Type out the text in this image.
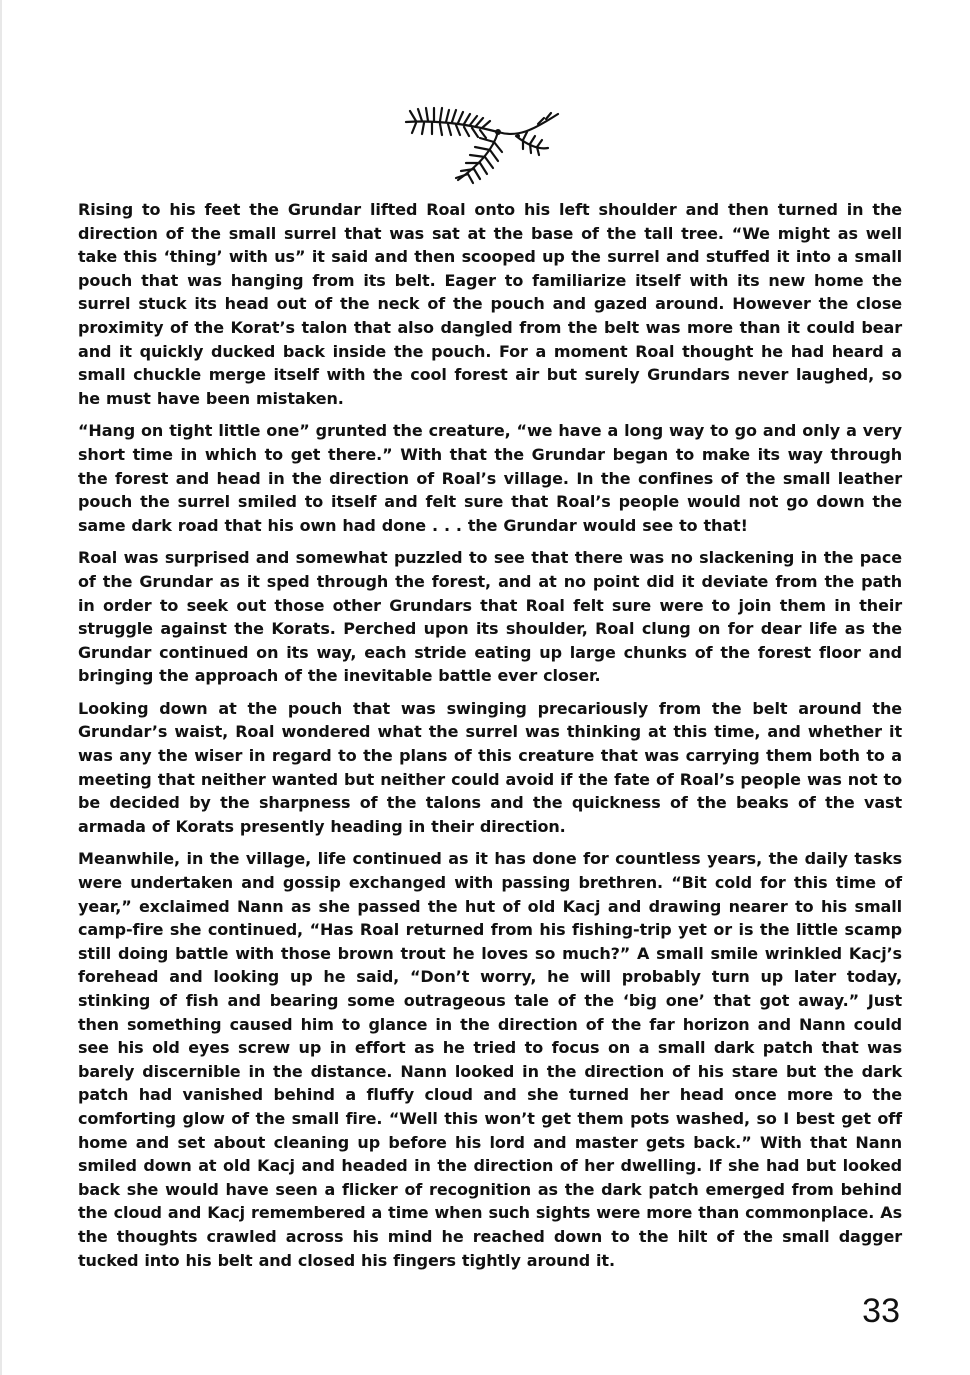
Rising to his feet the Grundar lifted Roal onto his left shoulder and then turned in the direction of the small surrel that was sat at the base of the tall tree. “We might as well take this ‘thing’ with us” it said and then scooped up the surrel and stuffed it into a small pouch that was hanging from its belt. Eager to familiarize itself with its new home the surrel stuck its head out of the neck of the pouch and gazed around. However the close proximity of the Korat’s talon that also dangled from the belt was more than it could bear and it quickly ducked back inside the pouch. For a moment Roal thought he had heard a small chuckle merge itself with the cool forest air but surely Grundars never laughed, so he must have been mistaken.

“Hang on tight little one” grunted the creature, “we have a long way to go and only a very short time in which to get there.” With that the Grundar began to make its way through the forest and head in the direction of Roal’s village. In the confines of the small leather pouch the surrel smiled to itself and felt sure that Roal’s people would not go down the same dark road that his own had done . . . the Grundar would see to that!

Roal was surprised and somewhat puzzled to see that there was no slackening in the pace of the Grundar as it sped through the forest, and at no point did it deviate from the path in order to seek out those other Grundars that Roal felt sure were to join them in their struggle against the Korats. Perched upon its shoulder, Roal clung on for dear life as the Grundar continued on its way, each stride eating up large chunks of the forest floor and bringing the approach of the inevitable battle ever closer.

Looking down at the pouch that was swinging precariously from the belt around the Grundar’s waist, Roal wondered what the surrel was thinking at this time, and whether it was any the wiser in regard to the plans of this creature that was carrying them both to a meeting that neither wanted but neither could avoid if the fate of Roal’s people was not to be decided by the sharpness of the talons and the quickness of the beaks of the vast armada of Korats presently heading in their direction.

Meanwhile, in the village, life continued as it has done for countless years, the daily tasks were undertaken and gossip exchanged with passing brethren. “Bit cold for this time of year,” exclaimed Nann as she passed the hut of old Kacj and drawing nearer to his small camp-fire she continued, “Has Roal returned from his fishing-trip yet or is the little scamp still doing battle with those brown trout he loves so much?” A small smile wrinkled Kacj’s forehead and looking up he said, “Don’t worry, he will probably turn up later today, stinking of fish and bearing some outrageous tale of the ‘big one’ that got away.” Just then something caused him to glance in the direction of the far horizon and Nann could see his old eyes screw up in effort as he tried to focus on a small dark patch that was barely discernible in the distance. Nann looked in the direction of his stare but the dark patch had vanished behind a fluffy cloud and she turned her head once more to the comforting glow of the small fire. “Well this won’t get them pots washed, so I best get off home and set about cleaning up before his lord and master gets back.” With that Nann smiled down at old Kacj and headed in the direction of her dwelling. If she had but looked back she would have seen a flicker of recognition as the dark patch emerged from behind the cloud and Kacj remembered a time when such sights were more than commonplace. As the thoughts crawled across his mind he reached down to the hilt of the small dagger tucked into his belt and closed his fingers tightly around it.

33
